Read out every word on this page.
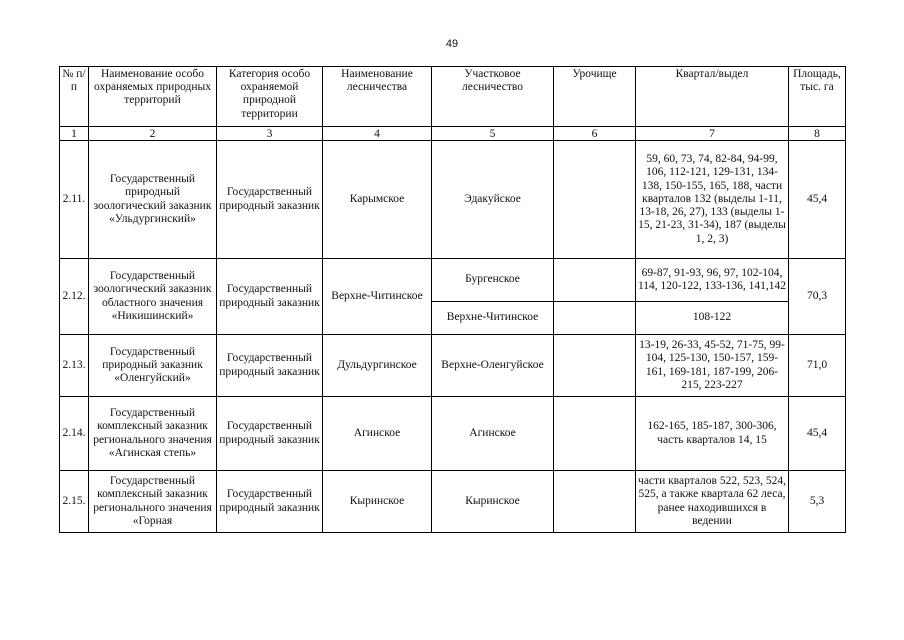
49
№ п/п	Наименование особо охраняемых природных территорий	Категория особо охраняемой природной территории	Наименование лесничества	Участковое лесничество	Урочище	Квартал/выдел	Площадь, тыс. га
1	2	3	4	5	6	7	8
2.11.	Государственный природный зоологический заказник «Ульдургинский»	Государственный природный заказник	Карымское	Эдакуйское		59, 60, 73, 74, 82-84, 94-99, 106, 112-121, 129-131, 134-138, 150-155, 165, 188, части кварталов 132 (выделы 1-11, 13-18, 26, 27), 133 (выделы 1-15, 21-23, 31-34), 187 (выделы 1, 2, 3)	45,4
2.12.	Государственный зоологический заказник областного значения «Никишинский»	Государственный природный заказник	Верхне-Читинское	Бургенское		69-87, 91-93, 96, 97, 102-104, 114, 120-122, 133-136, 141,142	70,3
				Верхне-Читинское		108-122	
2.13.	Государственный природный заказник «Оленгуйский»	Государственный природный заказник	Дульдургинское	Верхне-Оленгуйское		13-19, 26-33, 45-52, 71-75, 99-104, 125-130, 150-157, 159-161, 169-181, 187-199, 206-215, 223-227	71,0
2.14.	Государственный комплексный заказник регионального значения «Агинская степь»	Государственный природный заказник	Агинское	Агинское		162-165, 185-187, 300-306, часть кварталов 14, 15	45,4
2.15.	Государственный комплексный заказник регионального значения «Горная	Государственный природный заказник	Кыринское	Кыринское		части кварталов 522, 523, 524, 525, а также квартала 62 леса, ранее находившихся в ведении	5,3
